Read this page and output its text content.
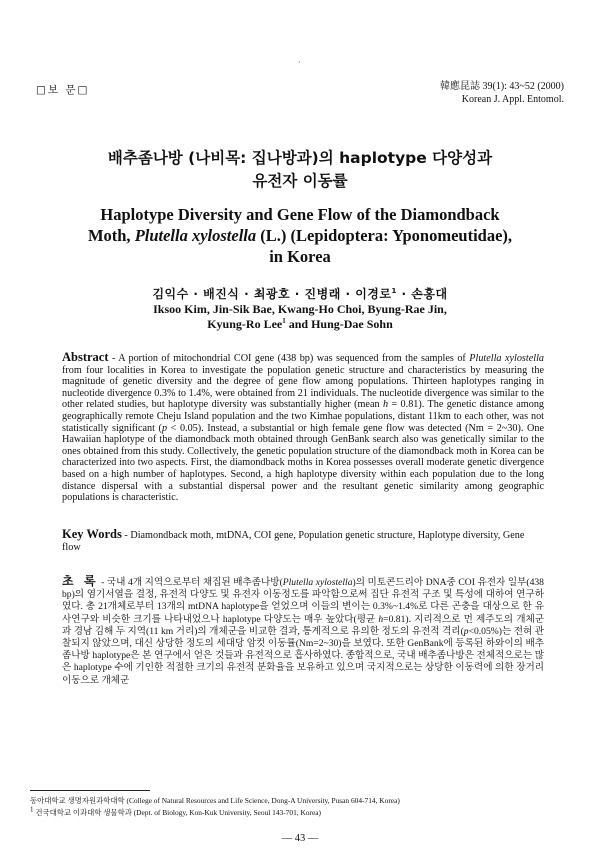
·
□보 문□	韓應昆誌 39(1): 43~52 (2000)
Korean J. Appl. Entomol.
배추좀나방 (나비목: 집나방과)의 haplotype 다양성과
유전자 이동률
Haplotype Diversity and Gene Flow of the Diamondback
Moth, Plutella xylostella (L.) (Lepidoptera: Yponomeutidae),
in Korea
김익수 · 배진식 · 최광호 · 진병래 · 이경로$^1$ · 손홍대
Iksoo Kim, Jin-Sik Bae, Kwang-Ho Choi, Byung-Rae Jin,
Kyung-Ro Lee$^1$ and Hung-Dae Sohn
Abstract - A portion of mitochondrial COI gene (438 bp) was sequenced from the samples of Plutella xylostella from four localities in Korea to investigate the population genetic structure and characteristics by measuring the magnitude of genetic diversity and the degree of gene flow among populations. Thirteen haplotypes ranging in nucleotide divergence 0.3% to 1.4%, were obtained from 21 individuals. The nucleotide divergence was similar to the other related studies, but haplotype diversity was substantially higher (mean h = 0.81). The genetic distance among geographically remote Cheju Island population and the two Kimhae populations, distant 11km to each other, was not statistically significant (p < 0.05). Instead, a substantial or high female gene flow was detected (Nm = 2~30). One Hawaiian haplotype of the diamondback moth obtained through GenBank search also was genetically similar to the ones obtained from this study. Collectively, the genetic population structure of the diamondback moth in Korea can be characterized into two aspects. First, the diamondback moths in Korea possesses overall moderate genetic divergence based on a high number of haplotypes. Second, a high haplotype diversity within each population due to the long distance dispersal with a substantial dispersal power and the resultant genetic similarity among geographic populations is characteristic.
Key Words - Diamondback moth, mtDNA, COI gene, Population genetic structure, Haplotype diversity, Gene flow
초 록 - 국내 4개 지역으로부터 채집된 배추좀나방(Plutella xylostella)의 미토콘드리아 DNA중 COI 유전자 일부(438 bp)의 염기서열을 결정, 유전적 다양도 및 유전자 이동정도를 파악함으로써 집단 유전적 구조 및 특성에 대하여 연구하였다. 총 21개체로부터 13개의 mtDNA haplotype을 얻었으며 이들의 변이는 0.3%~1.4%로 다른 곤충을 대상으로 한 유사연구와 비슷한 크기를 나타내었으나 haplotype 다양도는 매우 높았다(평균 h=0.81). 지리적으로 먼 제주도의 개체군과 경남 김해 두 지역(11 km 거리)의 개체군을 비교한 결과, 통계적으로 유의한 정도의 유전적 격리(p<0.05%)는 전혀 관찰되지 않았으며, 대신 상당한 정도의 세대당 암컷 이동률(Nm=2~30)을 보였다. 또한 GenBank에 등록된 하와이의 배추좀나방 haplotype은 본 연구에서 얻은 것들과 유전적으로 흡사하였다. 종합적으로, 국내 배추좀나방은 전체적으로는 많은 haplotype 수에 기인한 적절한 크기의 유전적 분화율을 보유하고 있으며 국지적으로는 상당한 이동력에 의한 장거리 이동으로 개체군
동아대학교 생명자원과학대학 (College of Natural Resources and Life Science, Dong-A University, Pusan 604-714, Korea)
$^1$ 건국대학교 이과대학 생물학과 (Dept. of Biology, Kon-Kuk University, Seoul 143-701, Korea)
— 43 —
